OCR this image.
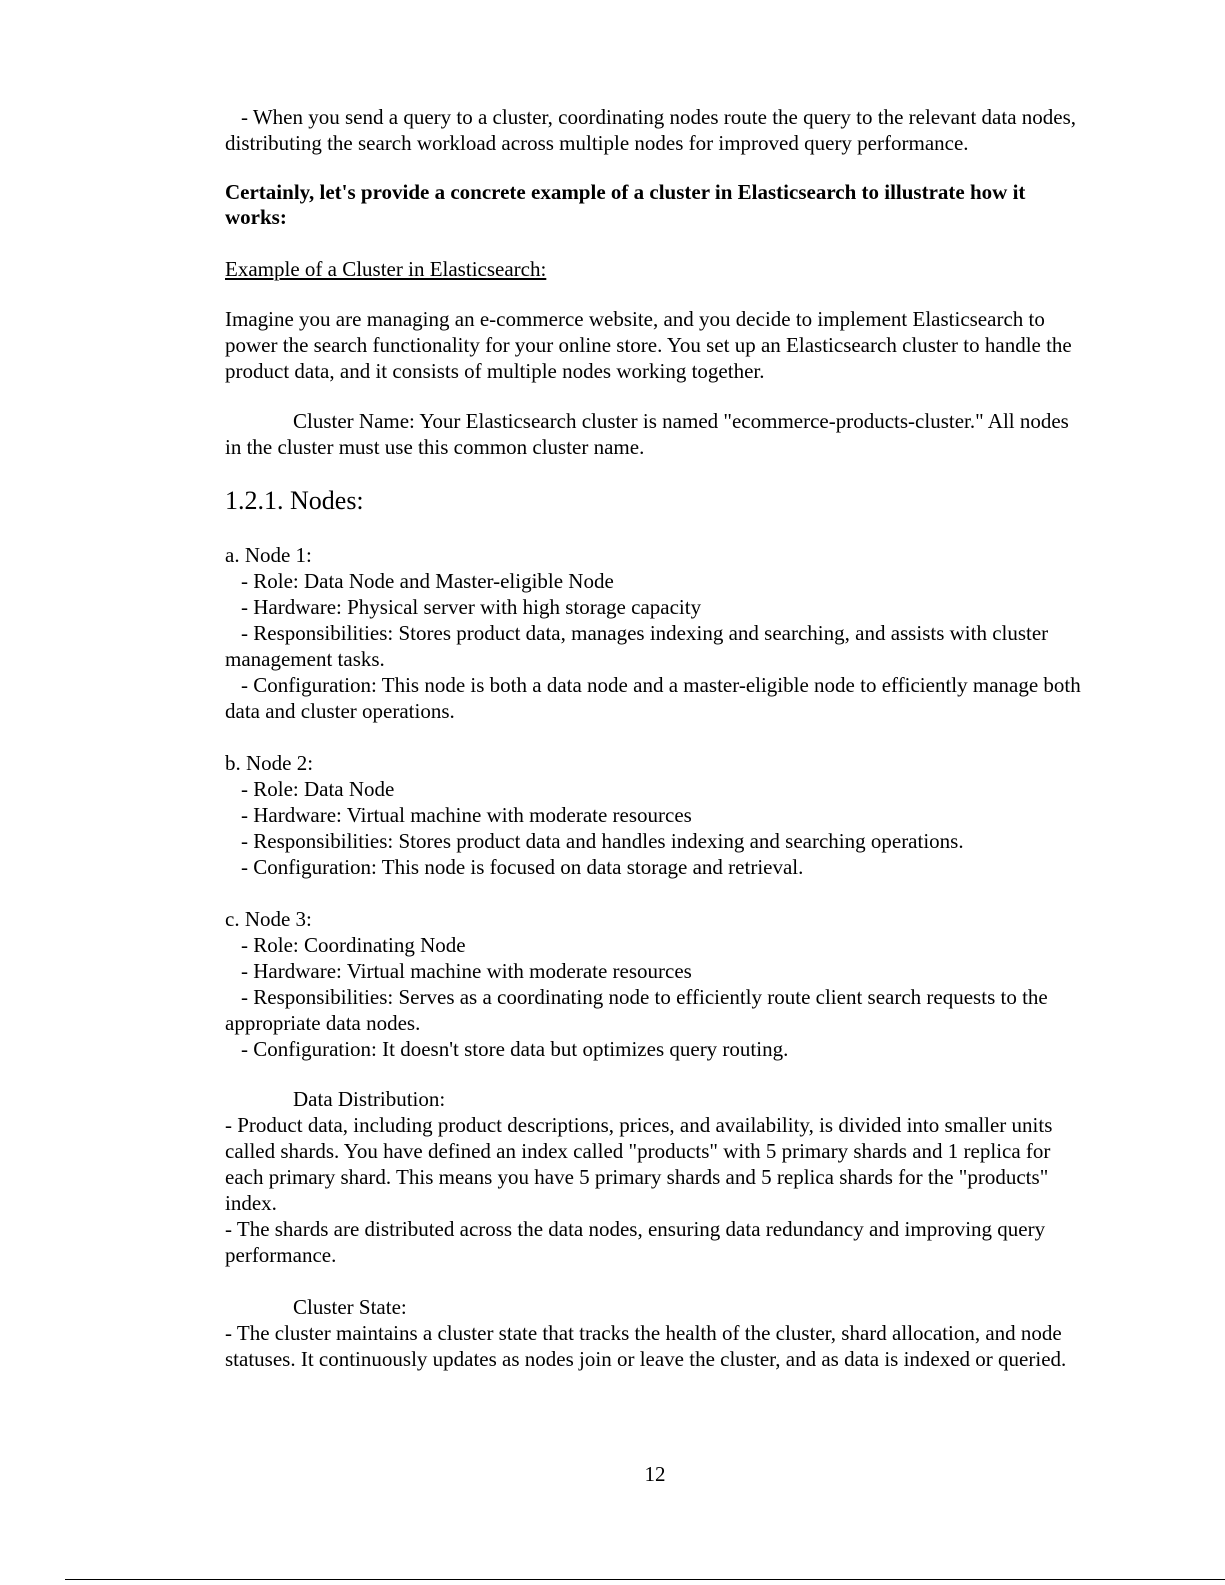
- When you send a query to a cluster, coordinating nodes route the query to the relevant data nodes, distributing the search workload across multiple nodes for improved query performance.

Certainly, let's provide a concrete example of a cluster in Elasticsearch to illustrate how it works:

Example of a Cluster in Elasticsearch:

Imagine you are managing an e-commerce website, and you decide to implement Elasticsearch to power the search functionality for your online store. You set up an Elasticsearch cluster to handle the product data, and it consists of multiple nodes working together.

Cluster Name: Your Elasticsearch cluster is named "ecommerce-products-cluster." All nodes in the cluster must use this common cluster name.

1.2.1. Nodes:

a. Node 1:

- Role: Data Node and Master-eligible Node

- Hardware: Physical server with high storage capacity

- Responsibilities: Stores product data, manages indexing and searching, and assists with cluster management tasks.

- Configuration: This node is both a data node and a master-eligible node to efficiently manage both data and cluster operations.

b. Node 2:

- Role: Data Node

- Hardware: Virtual machine with moderate resources

- Responsibilities: Stores product data and handles indexing and searching operations.

- Configuration: This node is focused on data storage and retrieval.

c. Node 3:

- Role: Coordinating Node

- Hardware: Virtual machine with moderate resources

- Responsibilities: Serves as a coordinating node to efficiently route client search requests to the appropriate data nodes.

- Configuration: It doesn't store data but optimizes query routing.

Data Distribution:

- Product data, including product descriptions, prices, and availability, is divided into smaller units called shards. You have defined an index called "products" with 5 primary shards and 1 replica for each primary shard. This means you have 5 primary shards and 5 replica shards for the "products" index.

- The shards are distributed across the data nodes, ensuring data redundancy and improving query performance.

Cluster State:

- The cluster maintains a cluster state that tracks the health of the cluster, shard allocation, and node statuses. It continuously updates as nodes join or leave the cluster, and as data is indexed or queried.

12
